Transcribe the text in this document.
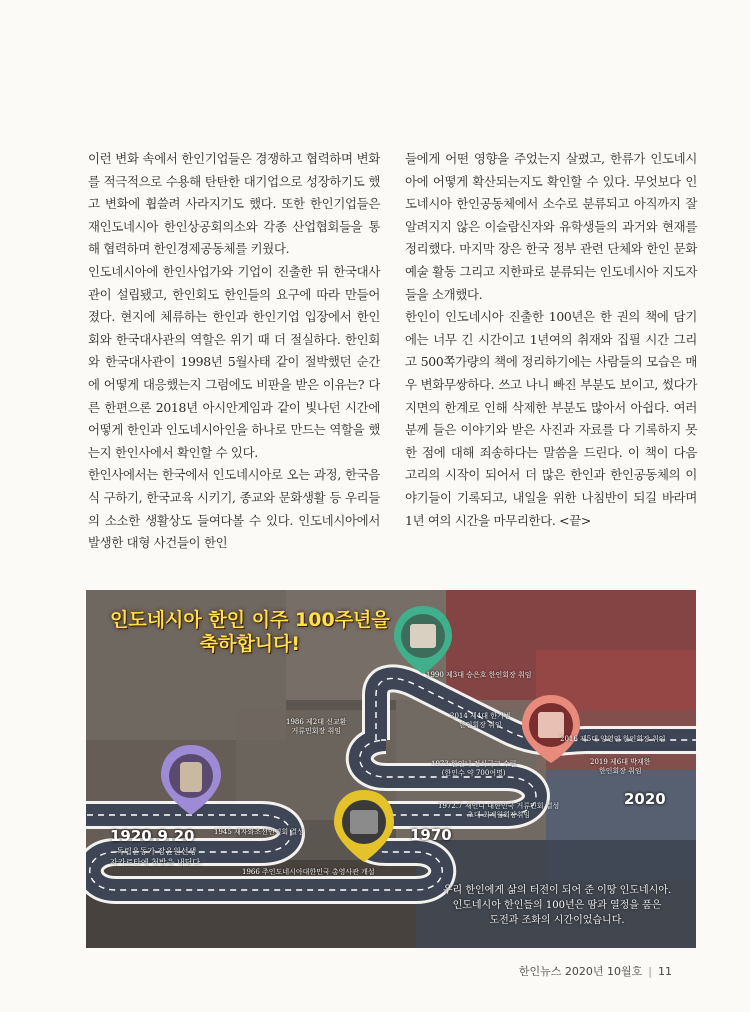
이런 변화 속에서 한인기업들은 경쟁하고 협력하며 변화를 적극적으로 수용해 탄탄한 대기업으로 성장하기도 했고 변화에 휩쓸려 사라지기도 했다. 또한 한인기업들은 재인도네시아 한인상공회의소와 각종 산업협회들을 통해 협력하며 한인경제공동체를 키웠다.

인도네시아에 한인사업가와 기업이 진출한 뒤 한국대사관이 설립됐고, 한인회도 한인들의 요구에 따라 만들어졌다. 현지에 체류하는 한인과 한인기업 입장에서 한인회와 한국대사관의 역할은 위기 때 더 절실하다. 한인회와 한국대사관이 1998년 5월사태 같이 절박했던 순간에 어떻게 대응했는지 그럼에도 비판을 받은 이유는? 다른 한편으론 2018년 아시안게임과 같이 빛나던 시간에 어떻게 한인과 인도네시아인을 하나로 만드는 역할을 했는지 한인사에서 확인할 수 있다.

한인사에서는 한국에서 인도네시아로 오는 과정, 한국음식 구하기, 한국교육 시키기, 종교와 문화생활 등 우리들의 소소한 생활상도 들여다볼 수 있다. 인도네시아에서 발생한 대형 사건들이 한인

들에게 어떤 영향을 주었는지 살폈고, 한류가 인도네시아에 어떻게 확산되는지도 확인할 수 있다. 무엇보다 인도네시아 한인공동체에서 소수로 분류되고 아직까지 잘 알려지지 않은 이슬람신자와 유학생들의 과거와 현재를 정리했다. 마지막 장은 한국 정부 관련 단체와 한인 문화예술 활동 그리고 지한파로 분류되는 인도네시아 지도자들을 소개했다.

한인이 인도네시아 진출한 100년은 한 권의 책에 담기에는 너무 긴 시간이고 1년여의 취재와 집필 시간 그리고 500쪽가량의 책에 정리하기에는 사람들의 모습은 매우 변화무쌍하다. 쓰고 나니 빠진 부분도 보이고, 썼다가 지면의 한계로 인해 삭제한 부분도 많아서 아쉽다. 여러분께 들은 이야기와 받은 사진과 자료를 다 기록하지 못한 점에 대해 죄송하다는 말씀을 드린다. 이 책이 다음 고리의 시작이 되어서 더 많은 한인과 한인공동체의 이야기들이 기록되고, 내일을 위한 나침반이 되길 바라며 1년 여의 시간을 마무리한다. <끝>

인도네시아 한인 이주 100주년을
축하합니다!
1920.9.20
독립운동가 장윤원선생
자카르타에 첫발을 내딛다.
1970
2020
1945 재자와조선인민회 결성
1966 주인도네시아대한민국 총영사관 개설
1972.7 재인니 대한민국 거류민회 결성
초대 최계월회장취임
1973 한인니 정식국교 수립
(한인수 약 700여명)
1986 제2대 신교환
거류민회장 취임
1990 제3대 승은호 한인회장 취임
2014 제4대 한기범
한인회장 취임
2016 제5대 양영연 한인회장 취임
2019 제6대 박재한
한인회장 취임
우리 한인에게 삶의 터전이 되어 준 이땅 인도네시아.
인도네시아 한인들의 100년은 땀과 열정을 품은
도전과 조화의 시간이었습니다.
한인뉴스 2020년 10월호 | 11
